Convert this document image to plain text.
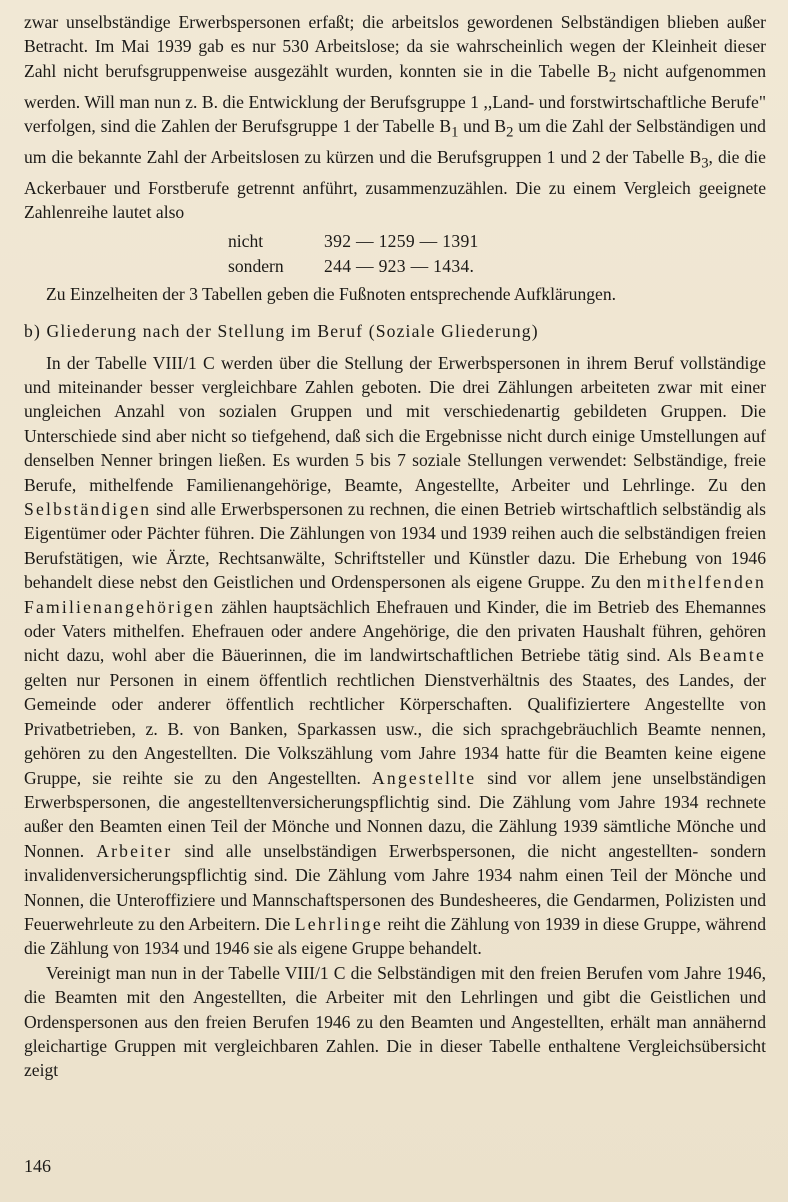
zwar unselbständige Erwerbspersonen erfaßt; die arbeitslos gewordenen Selbständigen blieben außer Betracht. Im Mai 1939 gab es nur 530 Arbeitslose; da sie wahrscheinlich wegen der Kleinheit dieser Zahl nicht berufsgruppenweise ausgezählt wurden, konnten sie in die Tabelle $B_2$ nicht aufgenommen werden. Will man nun z. B. die Entwicklung der Berufsgruppe 1 ,,Land- und forstwirtschaftliche Berufe" verfolgen, sind die Zahlen der Berufsgruppe 1 der Tabelle $B_1$ und $B_2$ um die Zahl der Selbständigen und um die bekannte Zahl der Arbeitslosen zu kürzen und die Berufsgruppen 1 und 2 der Tabelle $B_3$, die die Ackerbauer und Forstberufe getrennt anführt, zusammenzuzählen. Die zu einem Vergleich geeignete Zahlenreihe lautet also

nicht	392 — 1259 — 1391
sondern	244 — 923 — 1434.

Zu Einzelheiten der 3 Tabellen geben die Fußnoten entsprechende Aufklärungen.

b) Gliederung nach der Stellung im Beruf (Soziale Gliederung)

In der Tabelle VIII/1 C werden über die Stellung der Erwerbspersonen in ihrem Beruf vollständige und miteinander besser vergleichbare Zahlen geboten. Die drei Zählungen arbeiteten zwar mit einer ungleichen Anzahl von sozialen Gruppen und mit verschiedenartig gebildeten Gruppen. Die Unterschiede sind aber nicht so tiefgehend, daß sich die Ergebnisse nicht durch einige Umstellungen auf denselben Nenner bringen ließen. Es wurden 5 bis 7 soziale Stellungen verwendet: Selbständige, freie Berufe, mithelfende Familienangehörige, Beamte, Angestellte, Arbeiter und Lehrlinge. Zu den Selbständigen sind alle Erwerbspersonen zu rechnen, die einen Betrieb wirtschaftlich selbständig als Eigentümer oder Pächter führen. Die Zählungen von 1934 und 1939 reihen auch die selbständigen freien Berufstätigen, wie Ärzte, Rechtsanwälte, Schriftsteller und Künstler dazu. Die Erhebung von 1946 behandelt diese nebst den Geistlichen und Ordenspersonen als eigene Gruppe. Zu den mithelfenden Familienangehörigen zählen hauptsächlich Ehefrauen und Kinder, die im Betrieb des Ehemannes oder Vaters mithelfen. Ehefrauen oder andere Angehörige, die den privaten Haushalt führen, gehören nicht dazu, wohl aber die Bäuerinnen, die im landwirtschaftlichen Betriebe tätig sind. Als Beamte gelten nur Personen in einem öffentlich rechtlichen Dienstverhältnis des Staates, des Landes, der Gemeinde oder anderer öffentlich rechtlicher Körperschaften. Qualifiziertere Angestellte von Privatbetrieben, z. B. von Banken, Sparkassen usw., die sich sprachgebräuchlich Beamte nennen, gehören zu den Angestellten. Die Volkszählung vom Jahre 1934 hatte für die Beamten keine eigene Gruppe, sie reihte sie zu den Angestellten. Angestellte sind vor allem jene unselbständigen Erwerbspersonen, die angestelltenversicherungspflichtig sind. Die Zählung vom Jahre 1934 rechnete außer den Beamten einen Teil der Mönche und Nonnen dazu, die Zählung 1939 sämtliche Mönche und Nonnen. Arbeiter sind alle unselbständigen Erwerbspersonen, die nicht angestellten- sondern invalidenversicherungspflichtig sind. Die Zählung vom Jahre 1934 nahm einen Teil der Mönche und Nonnen, die Unteroffiziere und Mannschaftspersonen des Bundesheeres, die Gendarmen, Polizisten und Feuerwehrleute zu den Arbeitern. Die Lehrlinge reiht die Zählung von 1939 in diese Gruppe, während die Zählung von 1934 und 1946 sie als eigene Gruppe behandelt.

Vereinigt man nun in der Tabelle VIII/1 C die Selbständigen mit den freien Berufen vom Jahre 1946, die Beamten mit den Angestellten, die Arbeiter mit den Lehrlingen und gibt die Geistlichen und Ordenspersonen aus den freien Berufen 1946 zu den Beamten und Angestellten, erhält man annähernd gleichartige Gruppen mit vergleichbaren Zahlen. Die in dieser Tabelle enthaltene Vergleichsübersicht zeigt

146
